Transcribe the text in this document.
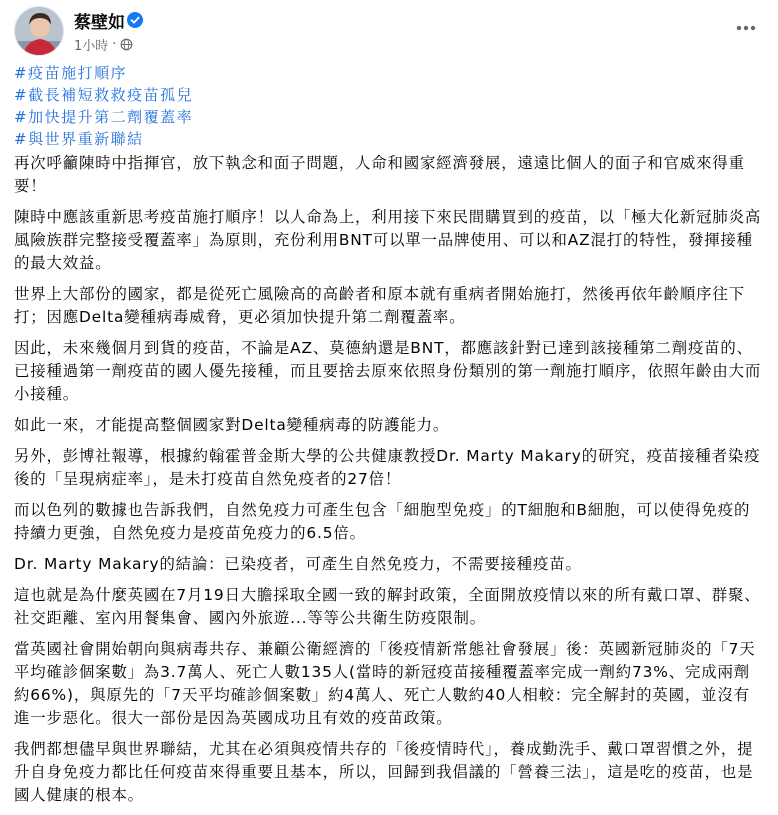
蔡壁如
1小時 ·
#疫苗施打順序
#截長補短救救疫苗孤兒
#加快提升第二劑覆蓋率
#與世界重新聯結

再次呼籲陳時中指揮官，放下執念和面子問題，人命和國家經濟發展，遠遠比個人的面子和官威來得重要！

陳時中應該重新思考疫苗施打順序！以人命為上，利用接下來民間購買到的疫苗，以「極大化新冠肺炎高風險族群完整接受覆蓋率」為原則，充份利用BNT可以單一品牌使用、可以和AZ混打的特性，發揮接種的最大效益。

世界上大部份的國家，都是從死亡風險高的高齡者和原本就有重病者開始施打，然後再依年齡順序往下打；因應Delta變種病毒威脅，更必須加快提升第二劑覆蓋率。

因此，未來幾個月到貨的疫苗，不論是AZ、莫德納還是BNT，都應該針對已達到該接種第二劑疫苗的、已接種過第一劑疫苗的國人優先接種，而且要捨去原來依照身份類別的第一劑施打順序，依照年齡由大而小接種。

如此一來，才能提高整個國家對Delta變種病毒的防護能力。

另外，彭博社報導，根據約翰霍普金斯大學的公共健康教授Dr. Marty Makary的研究，疫苗接種者染疫後的「呈現病症率」，是未打疫苗自然免疫者的27倍！

而以色列的數據也告訴我們，自然免疫力可產生包含「細胞型免疫」的T細胞和B細胞，可以使得免疫的持續力更強，自然免疫力是疫苗免疫力的6.5倍。

Dr. Marty Makary的結論：已染疫者，可產生自然免疫力，不需要接種疫苗。

這也就是為什麼英國在7月19日大膽採取全國一致的解封政策，全面開放疫情以來的所有戴口罩、群聚、社交距離、室內用餐集會、國內外旅遊...等等公共衛生防疫限制。

當英國社會開始朝向與病毒共存、兼顧公衛經濟的「後疫情新常態社會發展」後：英國新冠肺炎的「7天平均確診個案數」為3.7萬人、死亡人數135人(當時的新冠疫苗接種覆蓋率完成一劑約73%、完成兩劑約66%)，與原先的「7天平均確診個案數」約4萬人、死亡人數約40人相較：完全解封的英國，並沒有進一步惡化。很大一部份是因為英國成功且有效的疫苗政策。

我們都想儘早與世界聯結，尤其在必須與疫情共存的「後疫情時代」，養成勤洗手、戴口罩習慣之外，提升自身免疫力都比任何疫苗來得重要且基本，所以，回歸到我倡議的「營養三法」，這是吃的疫苗，也是國人健康的根本。
